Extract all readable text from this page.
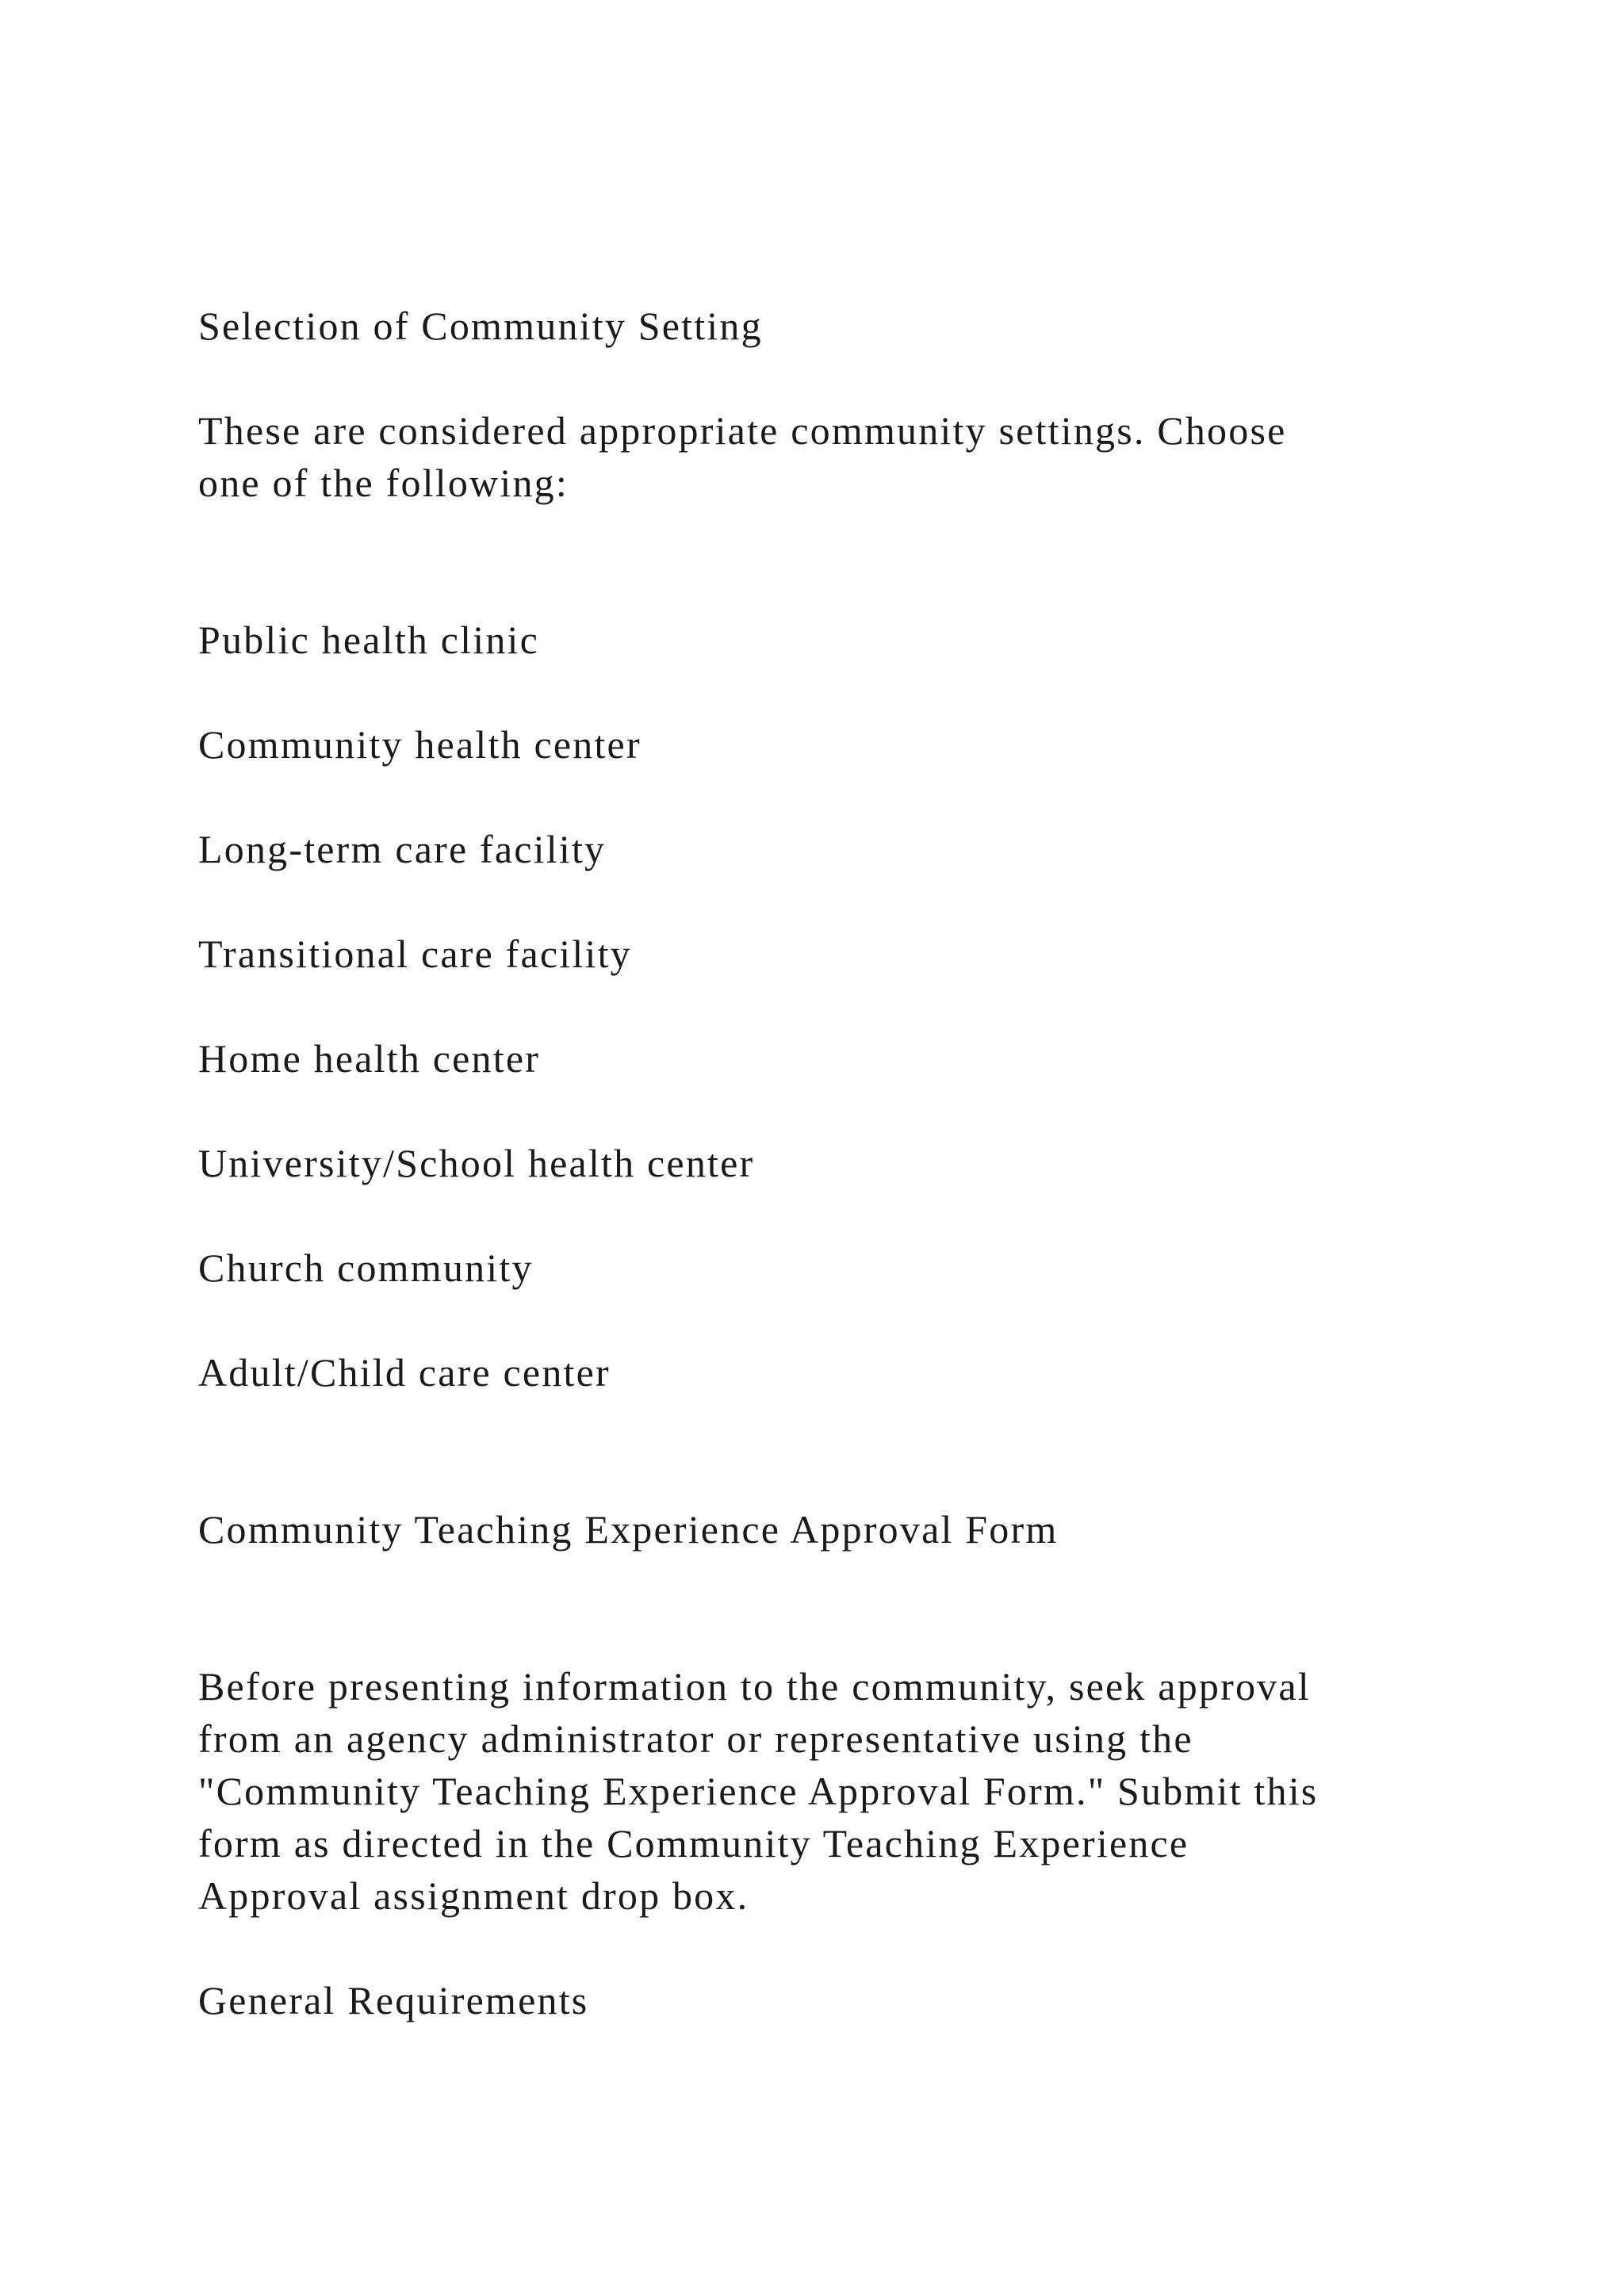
Selection of Community Setting

These are considered appropriate community settings. Choose

one of the following:

Public health clinic

Community health center

Long-term care facility

Transitional care facility

Home health center

University/School health center

Church community

Adult/Child care center

Community Teaching Experience Approval Form

Before presenting information to the community, seek approval

from an agency administrator or representative using the

"Community Teaching Experience Approval Form." Submit this

form as directed in the Community Teaching Experience

Approval assignment drop box.

General Requirements
